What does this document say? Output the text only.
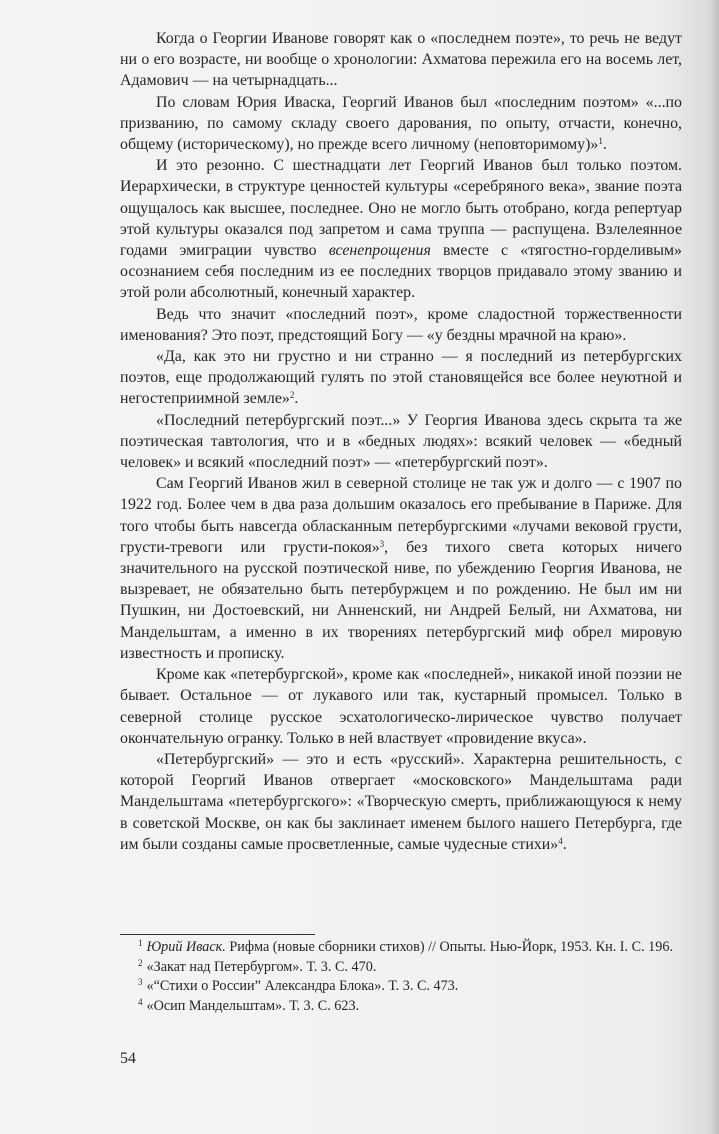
Когда о Георгии Иванове говорят как о «последнем поэте», то речь не ведут ни о его возрасте, ни вообще о хронологии: Ахматова пережила его на восемь лет, Адамович — на четырнадцать...

По словам Юрия Иваска, Георгий Иванов был «последним поэтом» «...по призванию, по самому складу своего дарования, по опыту, отчасти, конечно, общему (историческому), но прежде всего личному (неповторимому)»$^1$.

И это резонно. С шестнадцати лет Георгий Иванов был только поэтом. Иерархически, в структуре ценностей культуры «серебряного века», звание поэта ощущалось как высшее, последнее. Оно не могло быть отобрано, когда репертуар этой культуры оказался под запретом и сама труппа — распущена. Взлелеянное годами эмиграции чувство всенепрощения вместе с «тягостно-горделивым» осознанием себя последним из ее последних творцов придавало этому званию и этой роли абсолютный, конечный характер.

Ведь что значит «последний поэт», кроме сладостной торжественности именования? Это поэт, предстоящий Богу — «у бездны мрачной на краю».

«Да, как это ни грустно и ни странно — я последний из петербургских поэтов, еще продолжающий гулять по этой становящейся все более неуютной и негостеприимной земле»$^2$.

«Последний петербургский поэт...» У Георгия Иванова здесь скрыта та же поэтическая тавтология, что и в «бедных людях»: всякий человек — «бедный человек» и всякий «последний поэт» — «петербургский поэт».

Сам Георгий Иванов жил в северной столице не так уж и долго — с 1907 по 1922 год. Более чем в два раза дольшим оказалось его пребывание в Париже. Для того чтобы быть навсегда обласканным петербургскими «лучами вековой грусти, грусти-тревоги или грусти-покоя»$^3$, без тихого света которых ничего значительного на русской поэтической ниве, по убеждению Георгия Иванова, не вызревает, не обязательно быть петербуржцем и по рождению. Не был им ни Пушкин, ни Достоевский, ни Анненский, ни Андрей Белый, ни Ахматова, ни Мандельштам, а именно в их творениях петербургский миф обрел мировую известность и прописку.

Кроме как «петербургской», кроме как «последней», никакой иной поэзии не бывает. Остальное — от лукавого или так, кустарный промысел. Только в северной столице русское эсхатологическо-лирическое чувство получает окончательную огранку. Только в ней властвует «провидение вкуса».

«Петербургский» — это и есть «русский». Характерна решительность, с которой Георгий Иванов отвергает «московского» Мандельштама ради Мандельштама «петербургского»: «Творческую смерть, приближающуюся к нему в советской Москве, он как бы заклинает именем былого нашего Петербурга, где им были созданы самые просветленные, самые чудесные стихи»$^4$.

$^1$ Юрий Иваск. Рифма (новые сборники стихов) // Опыты. Нью-Йорк, 1953. Кн. I. С. 196.

$^2$ «Закат над Петербургом». Т. 3. С. 470.

$^3$ «“Стихи о России” Александра Блока». Т. 3. С. 473.

$^4$ «Осип Мандельштам». Т. 3. С. 623.

54
